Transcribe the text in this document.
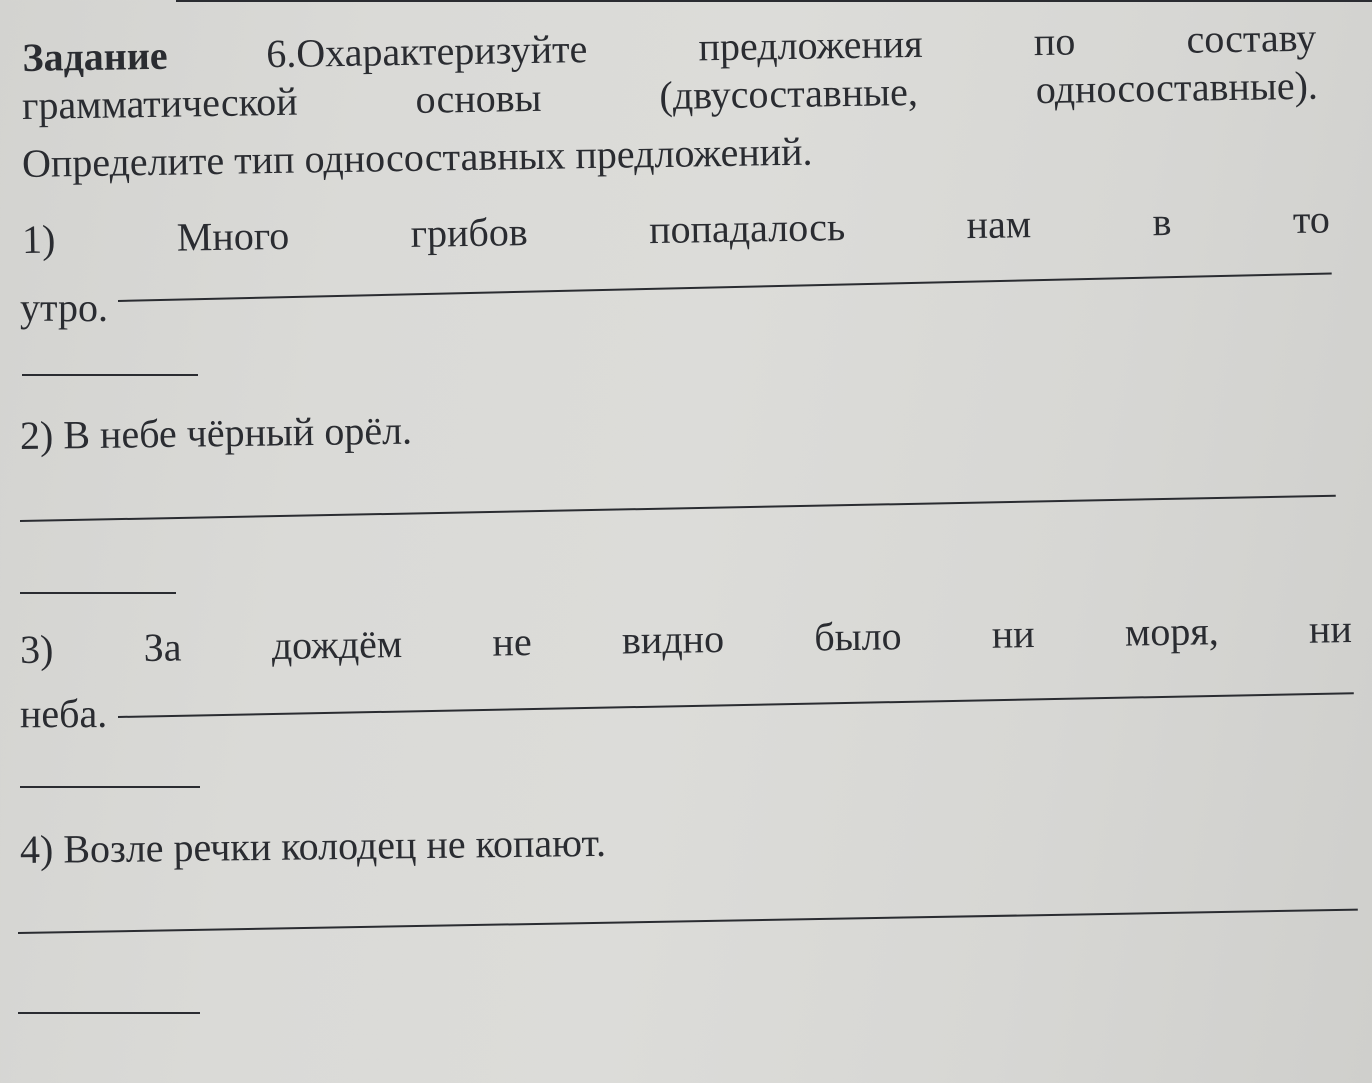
Задание 6.Охарактеризуйте	предложения	по	составу
грамматической	основы	(двусоставные,	односоставные).
Определите тип односоставных предложений.
1)	Много	грибов	попадалось	нам	в	то
утро.
2) В небе чёрный орёл.
3) За дождём не видно было ни моря, ни
неба.
4) Возле речки колодец не копают.
